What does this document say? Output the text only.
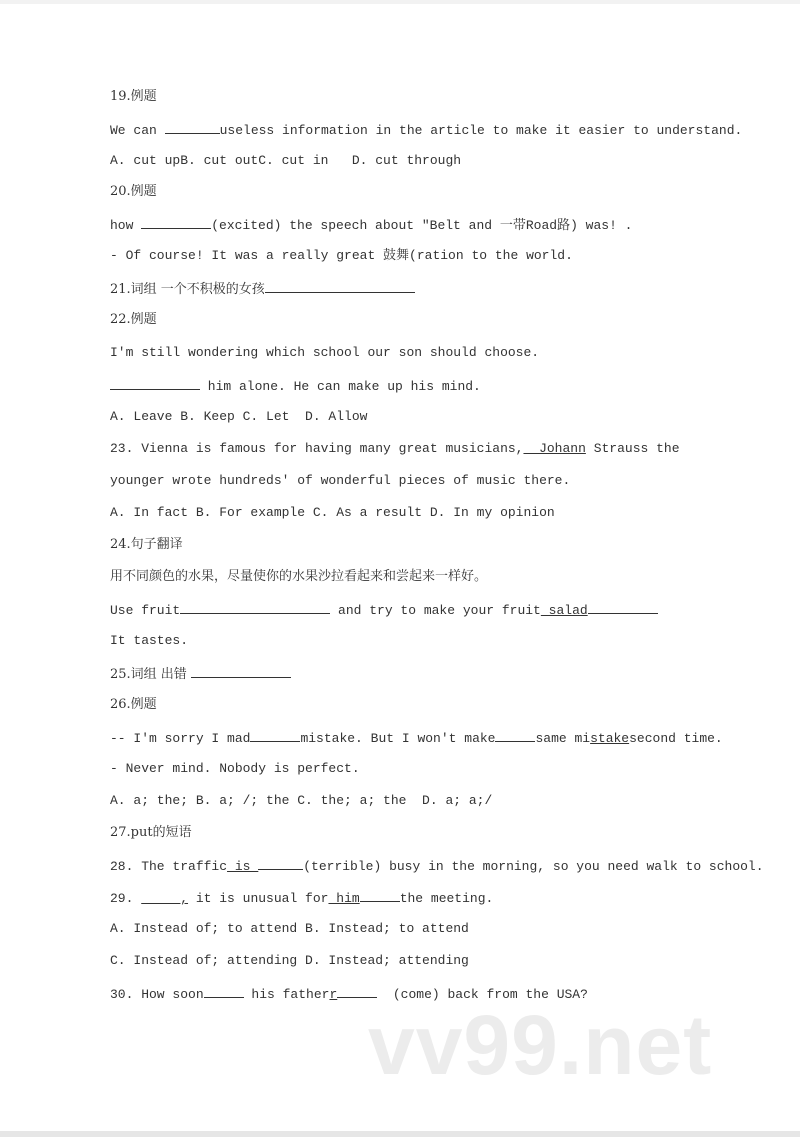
19.例题
We can	useless information in the article to make it easier to understand.
A. cut upB. cut outC. cut in   D. cut through
20.例题
how	(excited) the speech about "Belt and 一带Road路) was! .
- Of course! It was a really great 鼓舞(ration to the world.
21.词组 一个不积极的女孩
22.例题
I'm still wondering which school our son should choose.
him alone. He can make up his mind.
A. Leave B. Keep C. Let  D. Allow
23. Vienna is famous for having many great musicians,  Johann Strauss the
younger wrote hundreds' of wonderful pieces of music there.
A. In fact B. For example C. As a result D. In my opinion
24.句子翻译
用不同颜色的水果，尽量使你的水果沙拉看起来和尝起来一样好。
Use fruit	and try to make your fruit salad
It tastes.
25.词组 出错
26.例题
-- I'm sorry I mad	mistake. But I won't make	same mistakesecond time.
- Never mind. Nobody is perfect.
A. a; the; B. a; /; the C. the; a; the  D. a; a;/
27.put的短语
28. The traffic is_	(terrible) busy in the morning, so you need walk to school.
29.      , it is unusual for him	the meeting.
A. Instead of; to attend B. Instead; to attend
C. Instead of; attending D. Instead; attending
30. How soon	his fatherr	(come) back from the USA?
vv99.net
